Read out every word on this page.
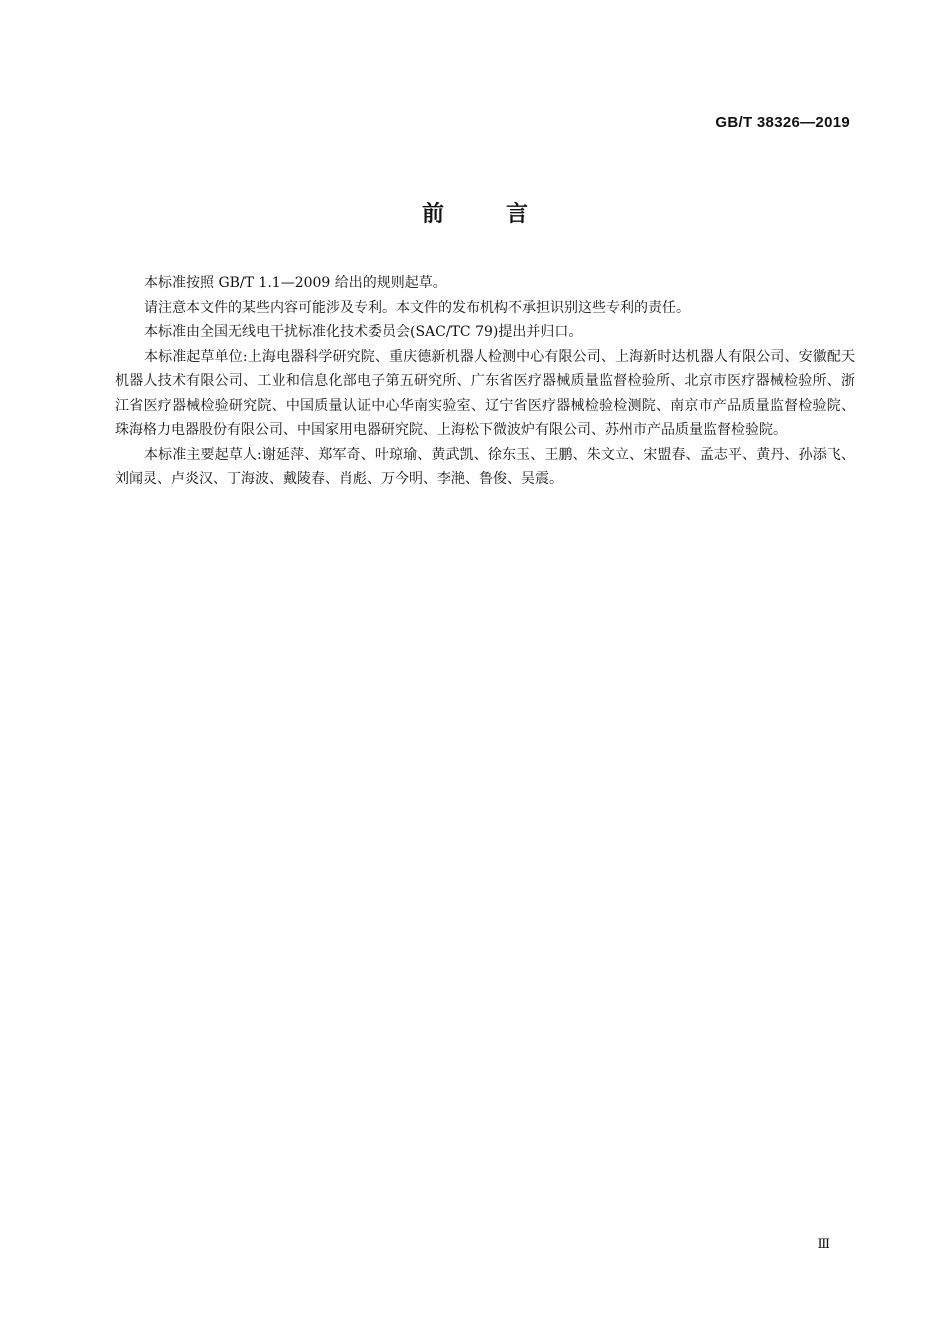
GB/T 38326—2019
前言

本标准按照 GB/T 1.1—2009 给出的规则起草。

请注意本文件的某些内容可能涉及专利。本文件的发布机构不承担识别这些专利的责任。

本标准由全国无线电干扰标准化技术委员会(SAC/TC 79)提出并归口。

本标准起草单位:上海电器科学研究院、重庆德新机器人检测中心有限公司、上海新时达机器人有限公司、安徽配天机器人技术有限公司、工业和信息化部电子第五研究所、广东省医疗器械质量监督检验所、北京市医疗器械检验所、浙江省医疗器械检验研究院、中国质量认证中心华南实验室、辽宁省医疗器械检验检测院、南京市产品质量监督检验院、珠海格力电器股份有限公司、中国家用电器研究院、上海松下微波炉有限公司、苏州市产品质量监督检验院。

本标准主要起草人:谢延萍、郑军奇、叶琼瑜、黄武凯、徐东玉、王鹏、朱文立、宋盟春、孟志平、黄丹、孙添飞、刘闻灵、卢炎汉、丁海波、戴陵春、肖彪、万今明、李滟、鲁俊、吴震。

Ⅲ
